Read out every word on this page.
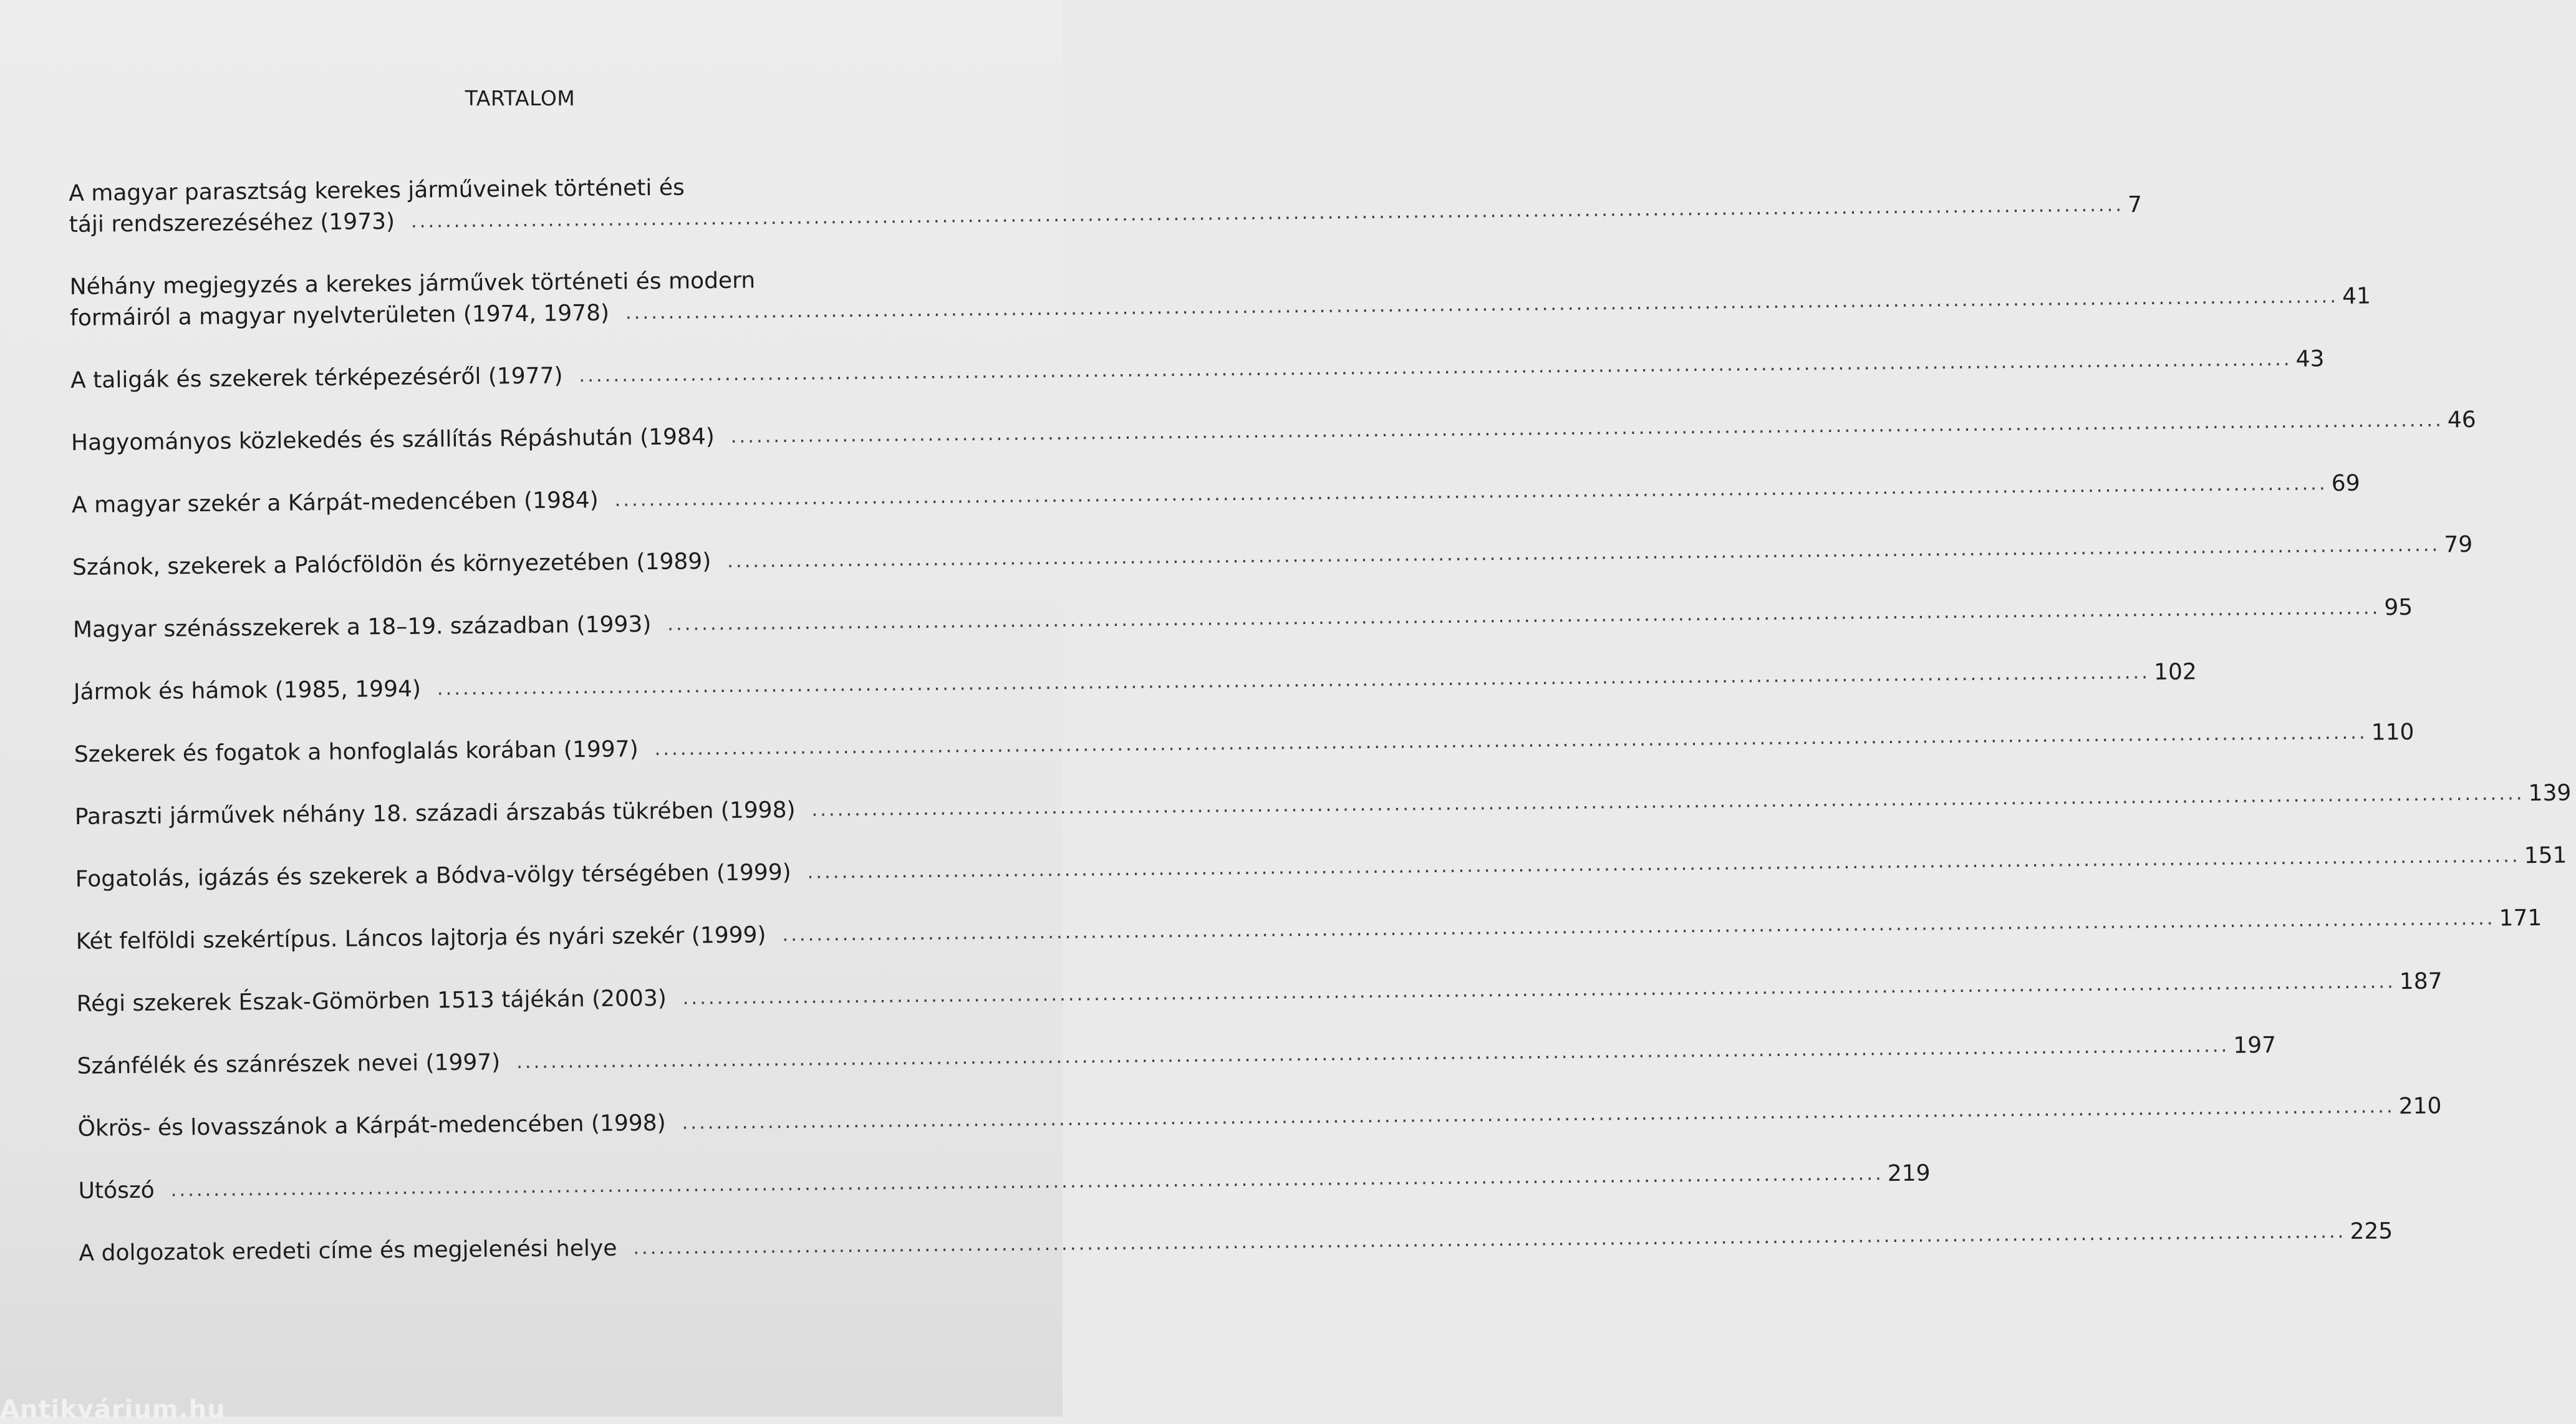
TARTALOM
A magyar parasztság kerekes járműveinek történeti és
táji rendszerezéséhez (1973) ........................................................................................................................................................................................................ 7
Néhány megjegyzés a kerekes járművek történeti és modern
formáiról a magyar nyelvterületen (1974, 1978) ........................................................................................................................................................................................................ 41
A taligák és szekerek térképezéséről (1977) ........................................................................................................................................................................................................ 43
Hagyományos közlekedés és szállítás Répáshután (1984) ........................................................................................................................................................................................................ 46
A magyar szekér a Kárpát-medencében (1984) ........................................................................................................................................................................................................ 69
Szánok, szekerek a Palócföldön és környezetében (1989) ........................................................................................................................................................................................................ 79
Magyar szénásszekerek a 18–19. században (1993) ........................................................................................................................................................................................................ 95
Jármok és hámok (1985, 1994) ........................................................................................................................................................................................................ 102
Szekerek és fogatok a honfoglalás korában (1997) ........................................................................................................................................................................................................ 110
Paraszti járművek néhány 18. századi árszabás tükrében (1998) ........................................................................................................................................................................................................ 139
Fogatolás, igázás és szekerek a Bódva-völgy térségében (1999) ........................................................................................................................................................................................................ 151
Két felföldi szekértípus. Láncos lajtorja és nyári szekér (1999) ........................................................................................................................................................................................................ 171
Régi szekerek Észak-Gömörben 1513 tájékán (2003) ........................................................................................................................................................................................................ 187
Szánfélék és szánrészek nevei (1997) ........................................................................................................................................................................................................ 197
Ökrös- és lovasszánok a Kárpát-medencében (1998) ........................................................................................................................................................................................................ 210
Utószó ........................................................................................................................................................................................................ 219
A dolgozatok eredeti címe és megjelenési helye ........................................................................................................................................................................................................ 225
Antikvárium.hu
